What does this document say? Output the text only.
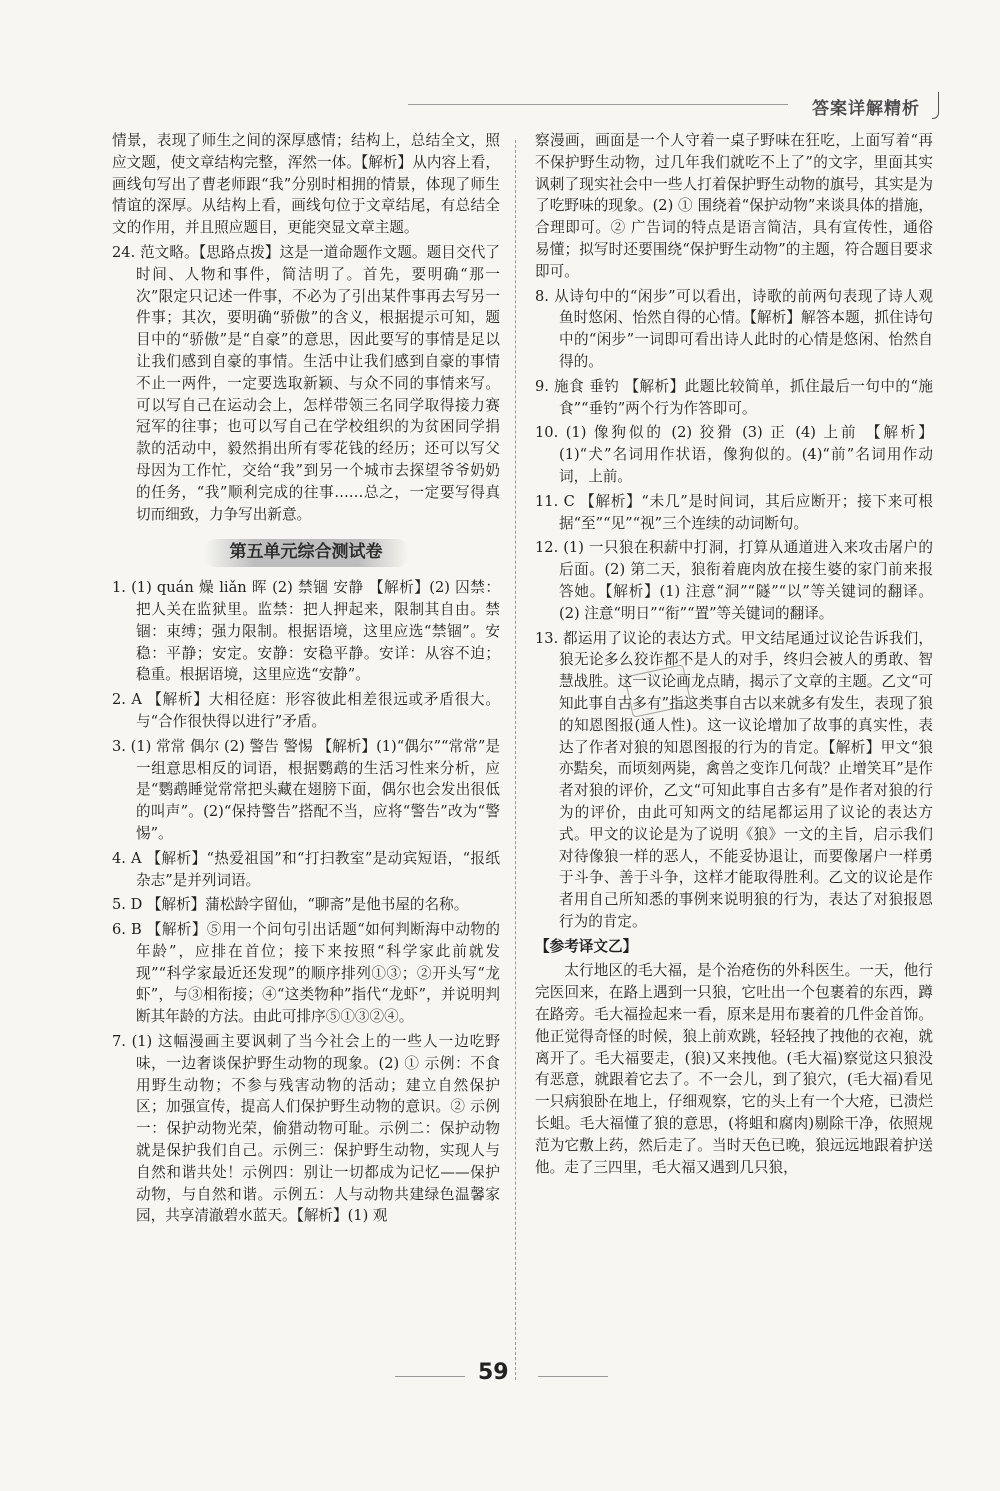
答案详解精析

情景，表现了师生之间的深厚感情；结构上，总结全文，照应文题，使文章结构完整，浑然一体。【解析】从内容上看，画线句写出了曹老师跟“我”分别时相拥的情景，体现了师生情谊的深厚。从结构上看，画线句位于文章结尾，有总结全文的作用，并且照应题目，更能突显文章主题。

24. 范文略。【思路点拨】这是一道命题作文题。题目交代了时间、人物和事件，简洁明了。首先，要明确“那一次”限定只记述一件事，不必为了引出某件事再去写另一件事；其次，要明确“骄傲”的含义，根据提示可知，题目中的“骄傲”是“自豪”的意思，因此要写的事情是足以让我们感到自豪的事情。生活中让我们感到自豪的事情不止一两件，一定要选取新颖、与众不同的事情来写。可以写自己在运动会上，怎样带领三名同学取得接力赛冠军的往事；也可以写自己在学校组织的为贫困同学捐款的活动中，毅然捐出所有零花钱的经历；还可以写父母因为工作忙，交给“我”到另一个城市去探望爷爷奶奶的任务，“我”顺利完成的往事……总之，一定要写得真切而细致，力争写出新意。

第五单元综合测试卷

1. (1) quán 燥 liǎn 晖 (2) 禁锢 安静 【解析】(2) 囚禁：把人关在监狱里。监禁：把人押起来，限制其自由。禁锢：束缚；强力限制。根据语境，这里应选“禁锢”。安稳：平静；安定。安静：安稳平静。安详：从容不迫；稳重。根据语境，这里应选“安静”。

2. A 【解析】大相径庭：形容彼此相差很远或矛盾很大。与“合作很快得以进行”矛盾。

3. (1) 常常 偶尔 (2) 警告 警惕 【解析】(1)“偶尔”“常常”是一组意思相反的词语，根据鹦鹉的生活习性来分析，应是“鹦鹉睡觉常常把头藏在翅膀下面，偶尔也会发出很低的叫声”。(2)“保持警告”搭配不当，应将“警告”改为“警惕”。

4. A 【解析】“热爱祖国”和“打扫教室”是动宾短语，“报纸杂志”是并列词语。

5. D 【解析】蒲松龄字留仙，“聊斋”是他书屋的名称。

6. B 【解析】⑤用一个问句引出话题“如何判断海中动物的年龄”，应排在首位；接下来按照“科学家此前就发现”“科学家最近还发现”的顺序排列①③；②开头写“龙虾”，与③相衔接；④“这类物种”指代“龙虾”，并说明判断其年龄的方法。由此可排序⑤①③②④。

7. (1) 这幅漫画主要讽刺了当今社会上的一些人一边吃野味，一边奢谈保护野生动物的现象。(2) ① 示例：不食用野生动物；不参与残害动物的活动；建立自然保护区；加强宣传，提高人们保护野生动物的意识。② 示例一：保护动物光荣，偷猎动物可耻。示例二：保护动物就是保护我们自己。示例三：保护野生动物，实现人与自然和谐共处！示例四：别让一切都成为记忆——保护动物，与自然和谐。示例五：人与动物共建绿色温馨家园，共享清澈碧水蓝天。【解析】(1) 观

察漫画，画面是一个人守着一桌子野味在狂吃，上面写着“再不保护野生动物，过几年我们就吃不上了”的文字，里面其实讽刺了现实社会中一些人打着保护野生动物的旗号，其实是为了吃野味的现象。(2) ① 围绕着“保护动物”来谈具体的措施，合理即可。② 广告词的特点是语言简洁，具有宣传性，通俗易懂；拟写时还要围绕“保护野生动物”的主题，符合题目要求即可。

8. 从诗句中的“闲步”可以看出，诗歌的前两句表现了诗人观鱼时悠闲、怡然自得的心情。【解析】解答本题，抓住诗句中的“闲步”一词即可看出诗人此时的心情是悠闲、怡然自得的。

9. 施食 垂钓 【解析】此题比较简单，抓住最后一句中的“施食”“垂钓”两个行为作答即可。

10. (1) 像狗似的 (2) 狡猾 (3) 正 (4) 上前 【解析】(1)“犬”名词用作状语，像狗似的。(4)“前”名词用作动词，上前。

11. C 【解析】“未几”是时间词，其后应断开；接下来可根据“至”“见”“视”三个连续的动词断句。

12. (1) 一只狼在积薪中打洞，打算从通道进入来攻击屠户的后面。(2) 第二天，狼衔着鹿肉放在接生婆的家门前来报答她。【解析】(1) 注意“洞”“隧”“以”等关键词的翻译。(2) 注意“明日”“衔”“置”等关键词的翻译。

13. 都运用了议论的表达方式。甲文结尾通过议论告诉我们，狼无论多么狡诈都不是人的对手，终归会被人的勇敢、智慧战胜。这一议论画龙点睛，揭示了文章的主题。乙文“可知此事自古多有”指这类事自古以来就多有发生，表现了狼的知恩图报(通人性)。这一议论增加了故事的真实性，表达了作者对狼的知恩图报的行为的肯定。【解析】甲文“狼亦黠矣，而顷刻两毙，禽兽之变诈几何哉？止增笑耳”是作者对狼的评价，乙文“可知此事自古多有”是作者对狼的行为的评价，由此可知两文的结尾都运用了议论的表达方式。甲文的议论是为了说明《狼》一文的主旨，启示我们对待像狼一样的恶人，不能妥协退让，而要像屠户一样勇于斗争、善于斗争，这样才能取得胜利。乙文的议论是作者用自己所知悉的事例来说明狼的行为，表达了对狼报恩行为的肯定。

【参考译文乙】

太行地区的毛大福，是个治疮伤的外科医生。一天，他行完医回来，在路上遇到一只狼，它吐出一个包裹着的东西，蹲在路旁。毛大福捡起来一看，原来是用布裹着的几件金首饰。他正觉得奇怪的时候，狼上前欢跳，轻轻拽了拽他的衣袍，就离开了。毛大福要走，(狼)又来拽他。(毛大福)察觉这只狼没有恶意，就跟着它去了。不一会儿，到了狼穴，(毛大福)看见一只病狼卧在地上，仔细观察，它的头上有一个大疮，已溃烂长蛆。毛大福懂了狼的意思，(将蛆和腐肉)剔除干净，依照规范为它敷上药，然后走了。当时天色已晚，狼远远地跟着护送他。走了三四里，毛大福又遇到几只狼，

59
